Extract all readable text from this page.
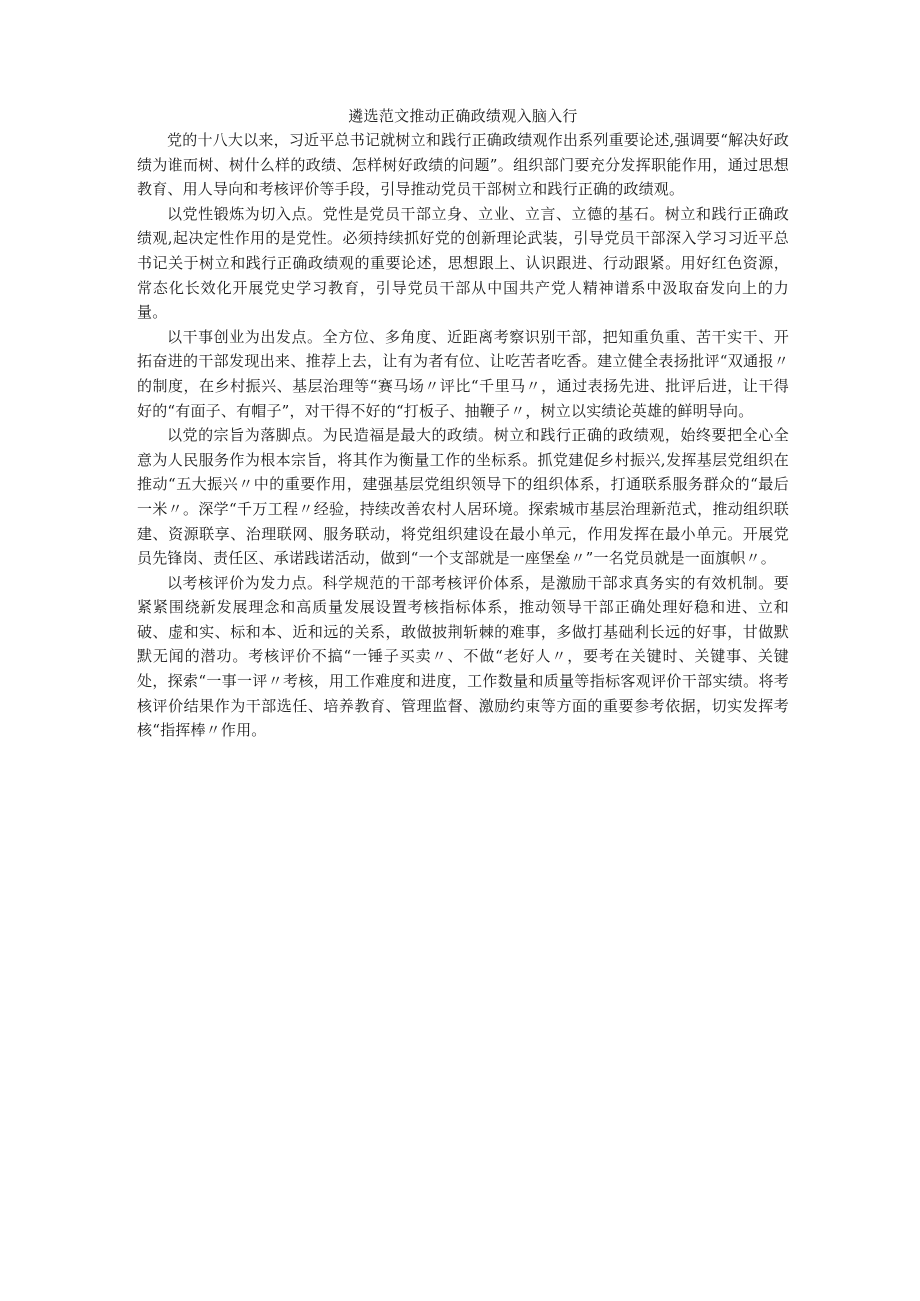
遴选范文推动正确政绩观入脑入行

党的十八大以来，习近平总书记就树立和践行正确政绩观作出系列重要论述,强调要“解决好政绩为谁而树、树什么样的政绩、怎样树好政绩的问题”。组织部门要充分发挥职能作用，通过思想教育、用人导向和考核评价等手段，引导推动党员干部树立和践行正确的政绩观。

以党性锻炼为切入点。党性是党员干部立身、立业、立言、立德的基石。树立和践行正确政绩观,起决定性作用的是党性。必须持续抓好党的创新理论武装，引导党员干部深入学习习近平总书记关于树立和践行正确政绩观的重要论述，思想跟上、认识跟进、行动跟紧。用好红色资源，常态化长效化开展党史学习教育，引导党员干部从中国共产党人精神谱系中汲取奋发向上的力量。

以干事创业为出发点。全方位、多角度、近距离考察识别干部，把知重负重、苦干实干、开拓奋进的干部发现出来、推荐上去，让有为者有位、让吃苦者吃香。建立健全表扬批评“双通报〃的制度，在乡村振兴、基层治理等“赛马场〃评比“千里马〃，通过表扬先进、批评后进，让干得好的“有面子、有帽子”，对干得不好的“打板子、抽鞭子〃，树立以实绩论英雄的鲜明导向。

以党的宗旨为落脚点。为民造福是最大的政绩。树立和践行正确的政绩观，始终要把全心全意为人民服务作为根本宗旨，将其作为衡量工作的坐标系。抓党建促乡村振兴,发挥基层党组织在推动“五大振兴〃中的重要作用，建强基层党组织领导下的组织体系，打通联系服务群众的“最后一米〃。深学“千万工程〃经验，持续改善农村人居环境。探索城市基层治理新范式，推动组织联建、资源联享、治理联网、服务联动，将党组织建设在最小单元，作用发挥在最小单元。开展党员先锋岗、责任区、承诺践诺活动，做到“一个支部就是一座堡垒〃”一名党员就是一面旗帜〃。

以考核评价为发力点。科学规范的干部考核评价体系，是激励干部求真务实的有效机制。要紧紧围绕新发展理念和高质量发展设置考核指标体系，推动领导干部正确处理好稳和进、立和破、虚和实、标和本、近和远的关系，敢做披荆斩棘的难事，多做打基础利长远的好事，甘做默默无闻的潜功。考核评价不搞“一锤子买卖〃、不做“老好人〃，要考在关键时、关键事、关键处，探索“一事一评〃考核，用工作难度和进度，工作数量和质量等指标客观评价干部实绩。将考核评价结果作为干部选任、培养教育、管理监督、激励约束等方面的重要参考依据，切实发挥考核“指挥棒〃作用。
